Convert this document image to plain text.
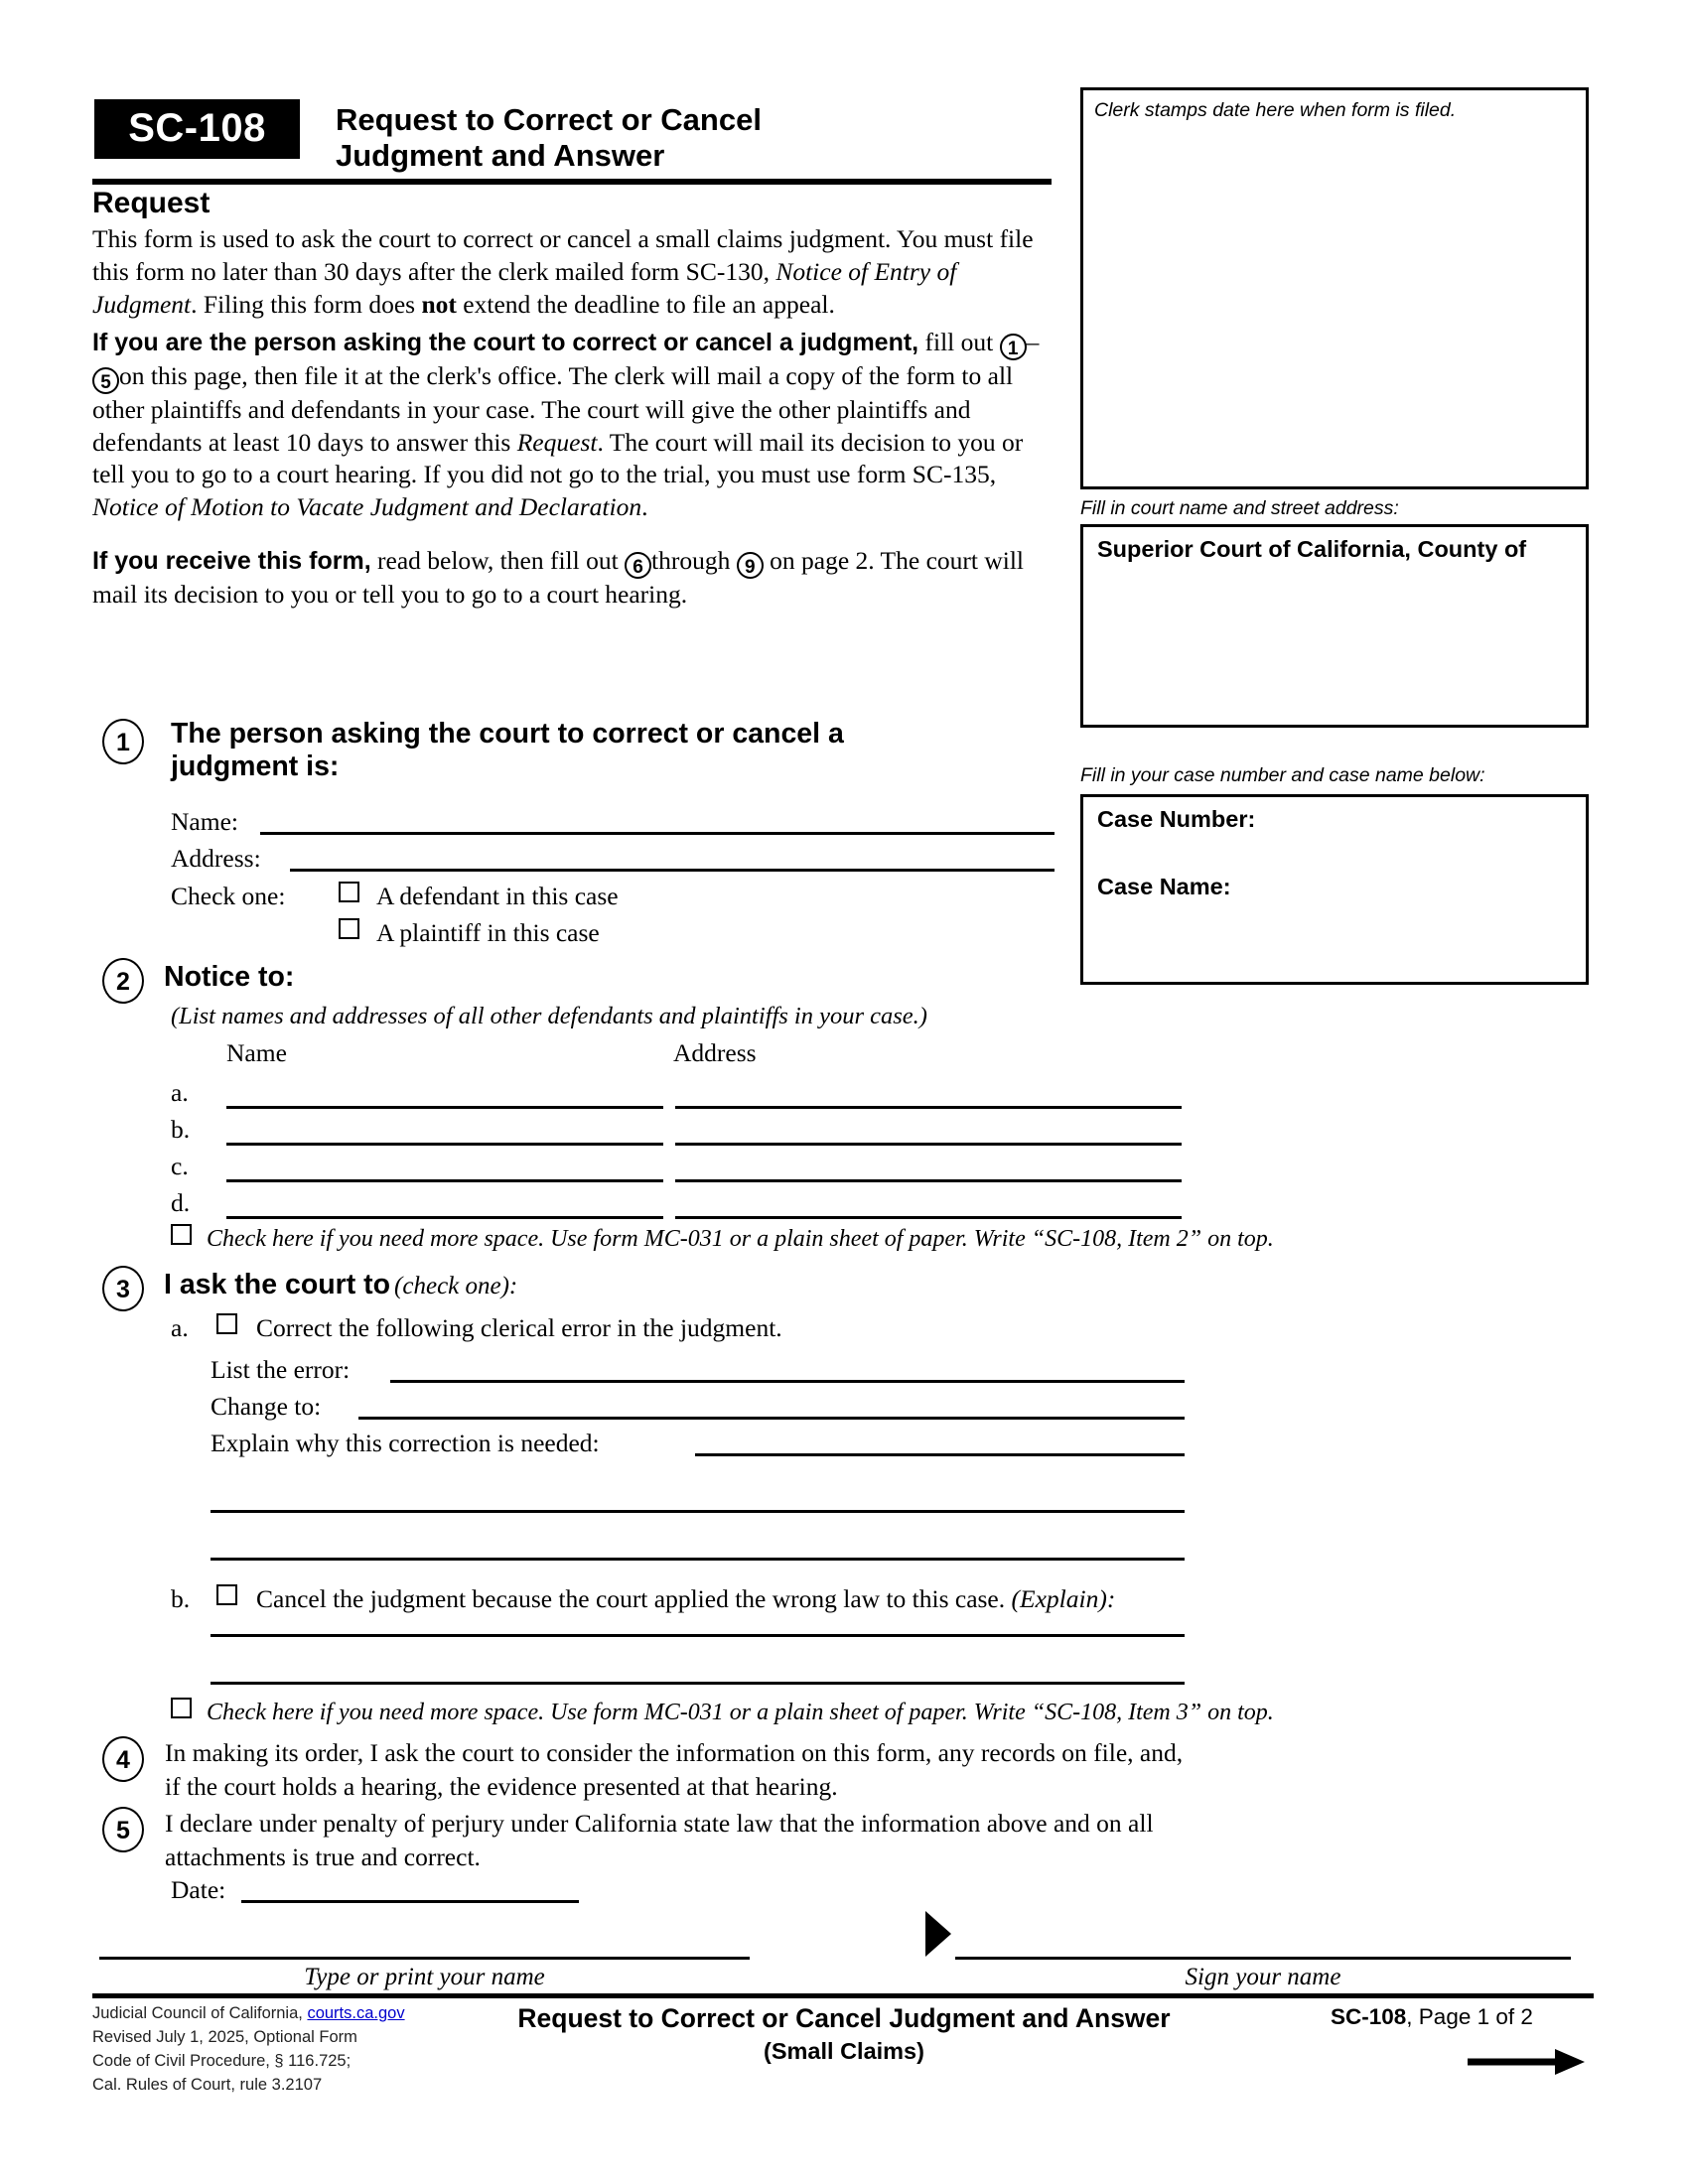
SC-108 Request to Correct or Cancel
Judgment and Answer
Request

This form is used to ask the court to correct or cancel a small claims judgment. You must file this form no later than 30 days after the clerk mailed form SC-130, Notice of Entry of Judgment. Filing this form does not extend the deadline to file an appeal.

If you are the person asking the court to correct or cancel a judgment, fill out 1 –5 on this page, then file it at the clerk's office. The clerk will mail a copy of the form to all other plaintiffs and defendants in your case. The court will give the other plaintiffs and defendants at least 10 days to answer this Request. The court will mail its decision to you or tell you to go to a court hearing. If you did not go to the trial, you must use form SC-135, Notice of Motion to Vacate Judgment and Declaration.

If you receive this form, read below, then fill out 6 through 9 on page 2. The court will mail its decision to you or tell you to go to a court hearing.

Clerk stamps date here when form is filed.
Fill in court name and street address:
Superior Court of California, County of
Fill in your case number and case name below:
Case Number:
Case Name:
1	The person asking the court to correct or cancel a
judgment is:
Name:
Address:
Check one:	A defendant in this case
A plaintiff in this case
2	Notice to:
(List names and addresses of all other defendants and plaintiffs in your case.)
Name	Address
a.
b.
c.
d.
Check here if you need more space. Use form MC-031 or a plain sheet of paper. Write “SC-108, Item 2” on top.
3	I ask the court to (check one):
a.	Correct the following clerical error in the judgment.
List the error:
Change to:
Explain why this correction is needed:
b.	Cancel the judgment because the court applied the wrong law to this case. (Explain):
Check here if you need more space. Use form MC-031 or a plain sheet of paper. Write “SC-108, Item 3” on top.
4	In making its order, I ask the court to consider the information on this form, any records on file, and, if the court holds a hearing, the evidence presented at that hearing.
5	I declare under penalty of perjury under California state law that the information above and on all attachments is true and correct.
Date:
Type or print your name	Sign your name
Judicial Council of California, courts.ca.gov
Revised July 1, 2025, Optional Form
Code of Civil Procedure, § 116.725;
Cal. Rules of Court, rule 3.2107
Request to Correct or Cancel Judgment and Answer
(Small Claims)
SC-108, Page 1 of 2
